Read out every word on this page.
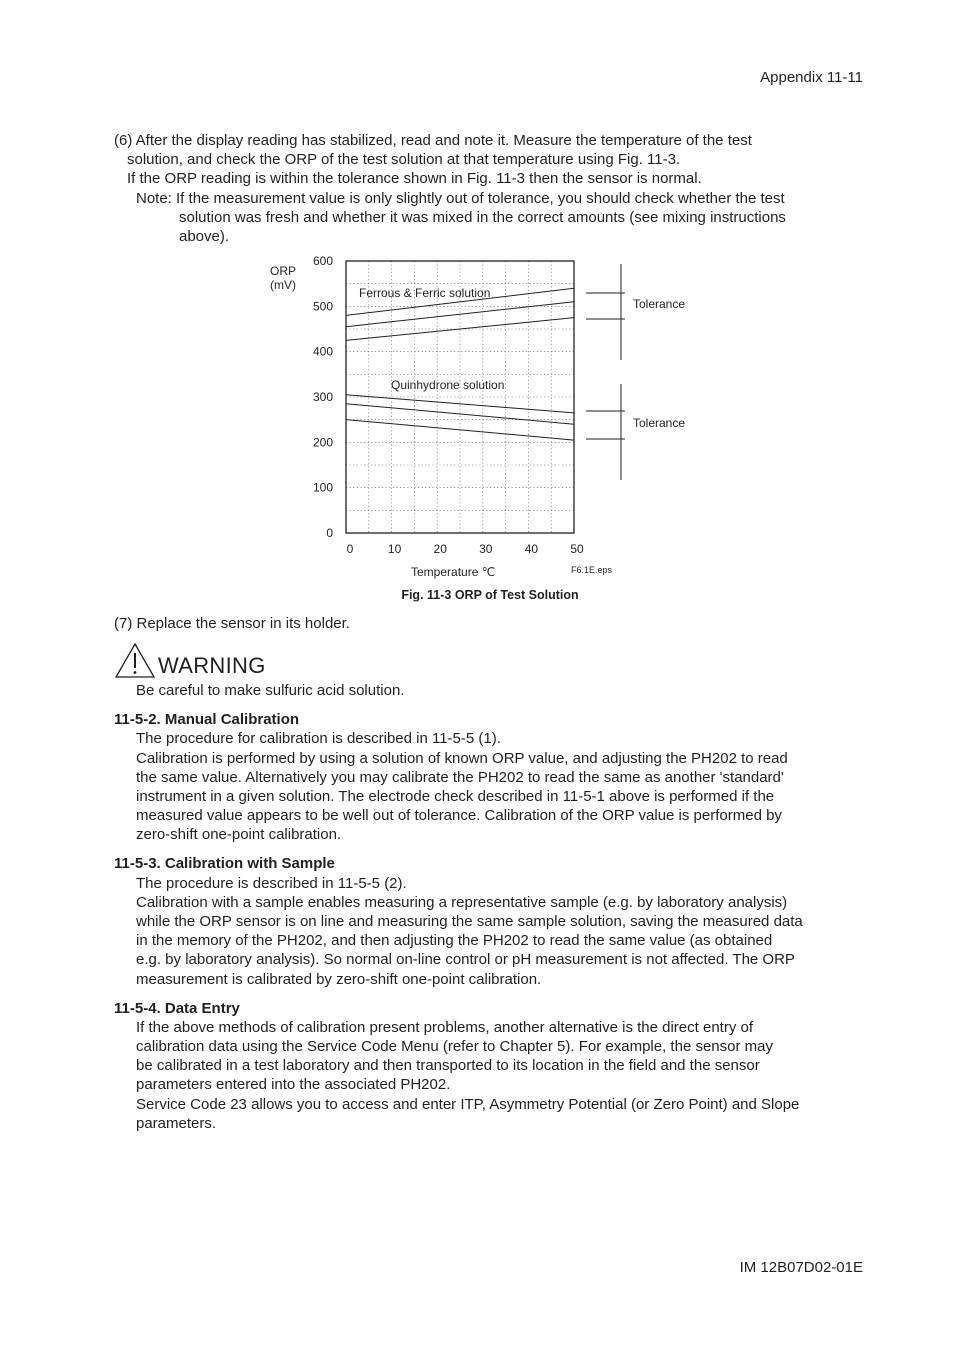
Appendix 11-11
(6) After the display reading has stabilized, read and note it. Measure the temperature of the test
solution, and check the ORP of the test solution at that temperature using Fig. 11-3.
If the ORP reading is within the tolerance shown in Fig. 11-3 then the sensor is normal.
Note: If the measurement value is only slightly out of tolerance, you should check whether the test
solution was fresh and whether it was mixed in the correct amounts (see mixing instructions
above).
0
100
200
300
400
500
600
0	10	20	30	40	50
ORP
(mV)
Temperature ℃	F6.1E.eps
Ferrous & Ferric solution
Quinhydrone solution
Tolerance
Tolerance
Fig. 11-3 ORP of Test Solution
(7) Replace the sensor in its holder.
WARNING
Be careful to make sulfuric acid solution.
11-5-2. Manual Calibration
The procedure for calibration is described in 11-5-5 (1).
Calibration is performed by using a solution of known ORP value, and adjusting the PH202 to read
the same value. Alternatively you may calibrate the PH202 to read the same as another 'standard'
instrument in a given solution. The electrode check described in 11-5-1 above is performed if the
measured value appears to be well out of tolerance. Calibration of the ORP value is performed by
zero-shift one-point calibration.
11-5-3. Calibration with Sample
The procedure is described in 11-5-5 (2).
Calibration with a sample enables measuring a representative sample (e.g. by laboratory analysis)
while the ORP sensor is on line and measuring the same sample solution, saving the measured data
in the memory of the PH202, and then adjusting the PH202 to read the same value (as obtained
e.g. by laboratory analysis). So normal on-line control or pH measurement is not affected. The ORP
measurement is calibrated by zero-shift one-point calibration.
11-5-4. Data Entry
If the above methods of calibration present problems, another alternative is the direct entry of
calibration data using the Service Code Menu (refer to Chapter 5). For example, the sensor may
be calibrated in a test laboratory and then transported to its location in the field and the sensor
parameters entered into the associated PH202.
Service Code 23 allows you to access and enter ITP, Asymmetry Potential (or Zero Point) and Slope
parameters.
IM 12B07D02-01E
